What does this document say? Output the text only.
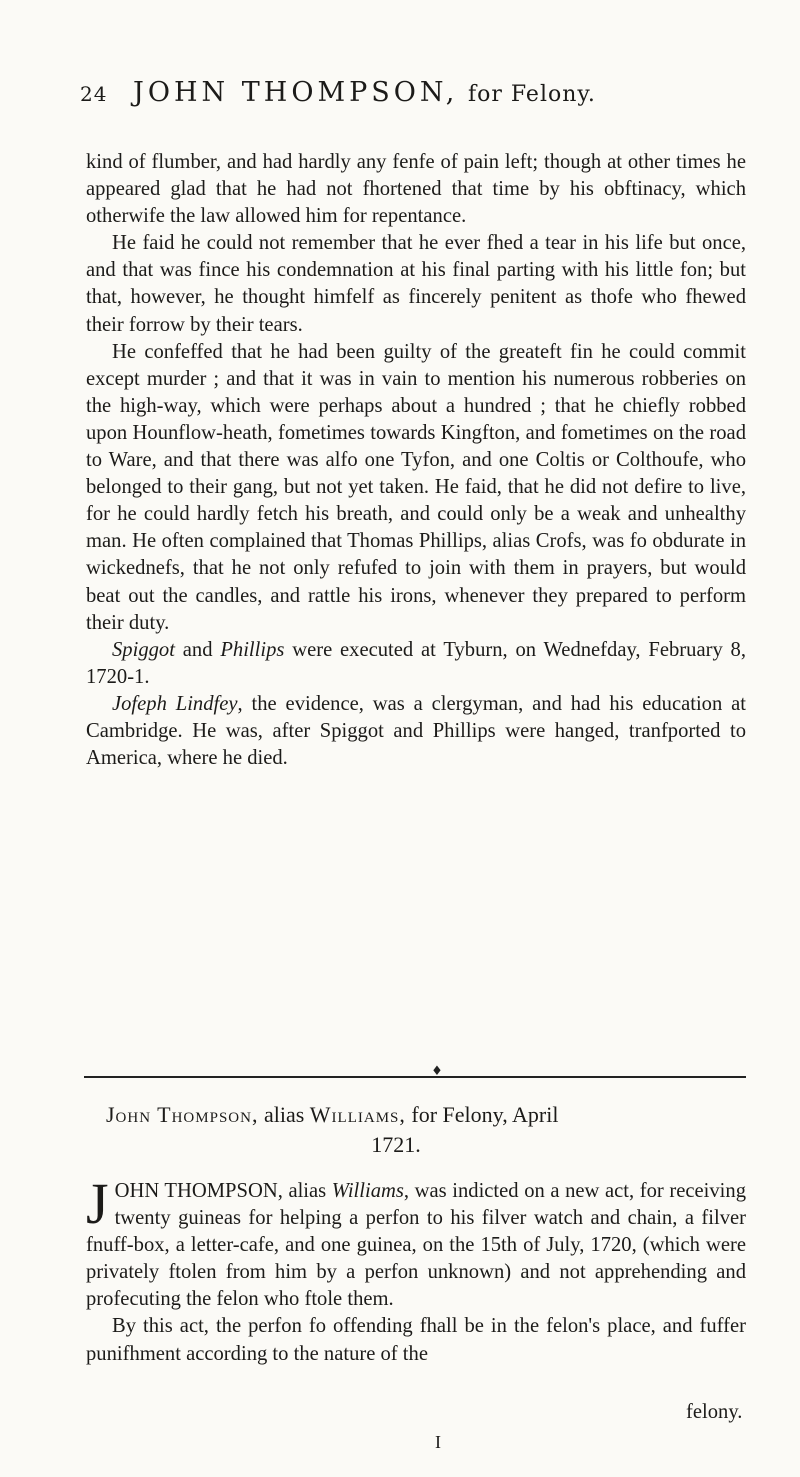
24 JOHN THOMPSON, for Felony.

kind of flumber, and had hardly any fenfe of pain left; though at other times he appeared glad that he had not fhortened that time by his obftinacy, which otherwife the law allowed him for repentance.

He faid he could not remember that he ever fhed a tear in his life but once, and that was fince his condemnation at his final parting with his little fon; but that, however, he thought himfelf as fincerely penitent as thofe who fhewed their forrow by their tears.

He confeffed that he had been guilty of the greateft fin he could commit except murder ; and that it was in vain to mention his numerous robberies on the high-way, which were perhaps about a hundred ; that he chiefly robbed upon Hounflow-heath, fometimes towards Kingfton, and fometimes on the road to Ware, and that there was alfo one Tyfon, and one Coltis or Colthoufe, who belonged to their gang, but not yet taken. He faid, that he did not defire to live, for he could hardly fetch his breath, and could only be a weak and unhealthy man. He often complained that Thomas Phillips, alias Crofs, was fo obdurate in wickednefs, that he not only refufed to join with them in prayers, but would beat out the candles, and rattle his irons, whenever they prepared to perform their duty.

Spiggot and Phillips were executed at Tyburn, on Wednefday, February 8, 1720-1.

Jofeph Lindfey, the evidence, was a clergyman, and had his education at Cambridge. He was, after Spiggot and Phillips were hanged, tranfported to America, where he died.

♦
John Thompson, alias Williams, for Felony, April
1721.

JOHN THOMPSON, alias Williams, was indicted on a new act, for receiving twenty guineas for helping a perfon to his filver watch and chain, a filver fnuff-box, a letter-cafe, and one guinea, on the 15th of July, 1720, (which were privately ftolen from him by a perfon unknown) and not apprehending and profecuting the felon who ftole them.

By this act, the perfon fo offending fhall be in the felon's place, and fuffer punifhment according to the nature of the

felony.
I
